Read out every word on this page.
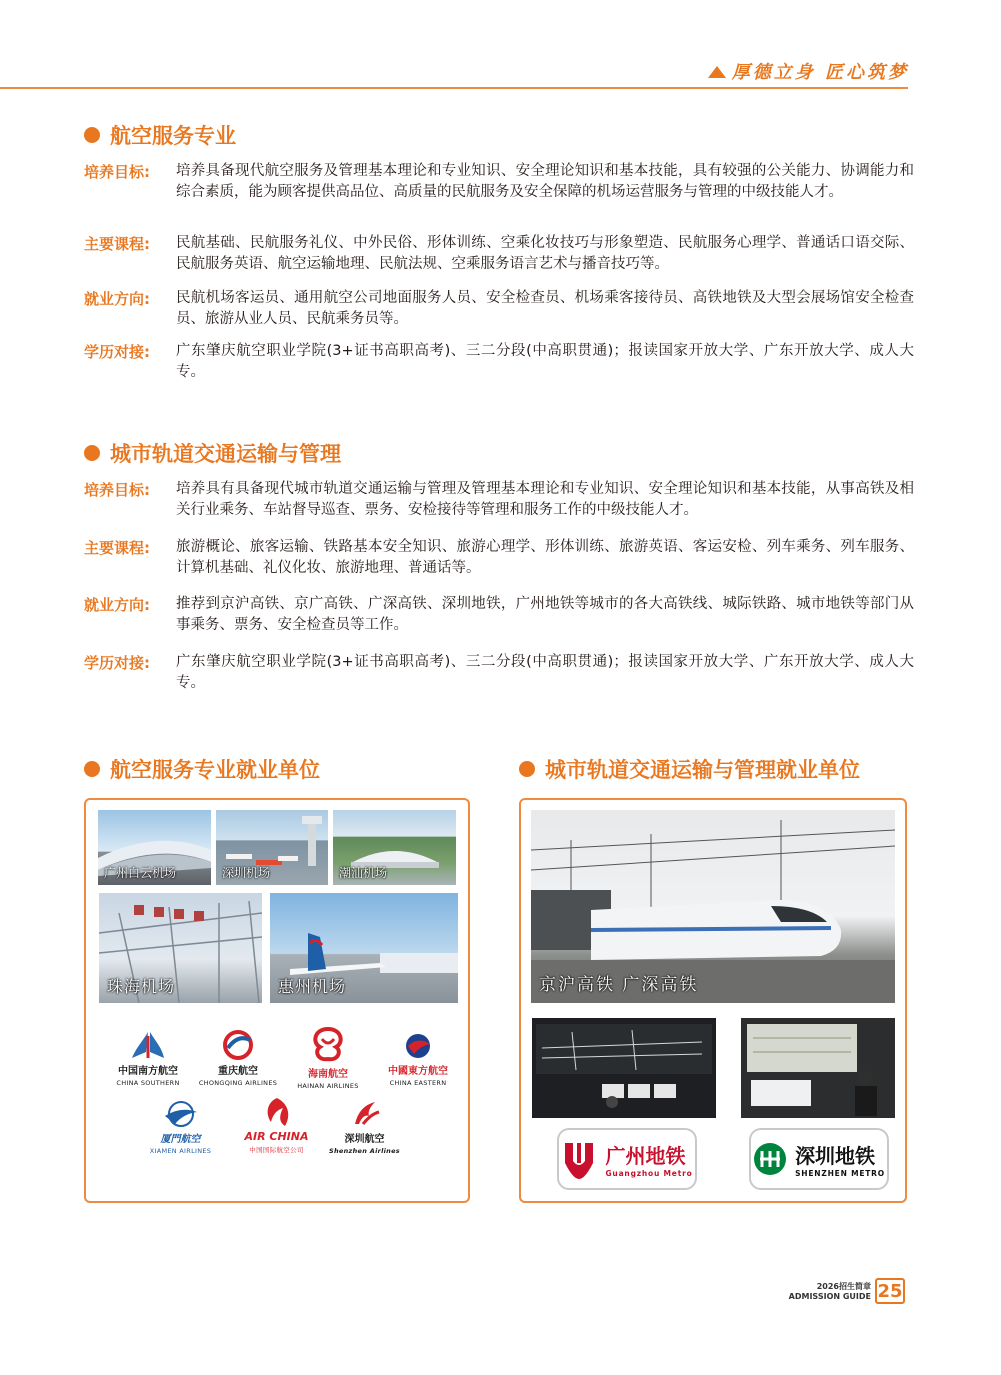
厚德立身 匠心筑梦
航空服务专业
培养目标:	培养具备现代航空服务及管理基本理论和专业知识、安全理论知识和基本技能，具有较强的公关能力、协调能力和综合素质，能为顾客提供高品位、高质量的民航服务及安全保障的机场运营服务与管理的中级技能人才。
主要课程:	民航基础、民航服务礼仪、中外民俗、形体训练、空乘化妆技巧与形象塑造、民航服务心理学、普通话口语交际、民航服务英语、航空运输地理、民航法规、空乘服务语言艺术与播音技巧等。
就业方向:	民航机场客运员、通用航空公司地面服务人员、安全检查员、机场乘客接待员、高铁地铁及大型会展场馆安全检查员、旅游从业人员、民航乘务员等。
学历对接:	广东肇庆航空职业学院(3+证书高职高考)、三二分段(中高职贯通)；报读国家开放大学、广东开放大学、成人大专。
城市轨道交通运输与管理
培养目标:	培养具有具备现代城市轨道交通运输与管理及管理基本理论和专业知识、安全理论知识和基本技能，从事高铁及相关行业乘务、车站督导巡查、票务、安检接待等管理和服务工作的中级技能人才。
主要课程:	旅游概论、旅客运输、铁路基本安全知识、旅游心理学、形体训练、旅游英语、客运安检、列车乘务、列车服务、计算机基础、礼仪化妆、旅游地理、普通话等。
就业方向:	推荐到京沪高铁、京广高铁、广深高铁、深圳地铁，广州地铁等城市的各大高铁线、城际铁路、城市地铁等部门从事乘务、票务、安全检查员等工作。
学历对接:	广东肇庆航空职业学院(3+证书高职高考)、三二分段(中高职贯通)；报读国家开放大学、广东开放大学、成人大专。
航空服务专业就业单位
广州白云机场	深圳机场	潮汕机场
珠海机场	惠州机场
中国南方航空
CHINA SOUTHERN
重庆航空
CHONGQING AIRLINES
海南航空
HAINAN AIRLINES
中國東方航空
CHINA EASTERN
厦門航空
XIAMEN AIRLINES
AIR CHINA
中国国际航空公司
深圳航空
Shenzhen Airlines
城市轨道交通运输与管理就业单位
京沪高铁 广深高铁
广州地铁
Guangzhou Metro
深圳地铁
SHENZHEN METRO
2026招生简章
ADMISSION GUIDE 25
